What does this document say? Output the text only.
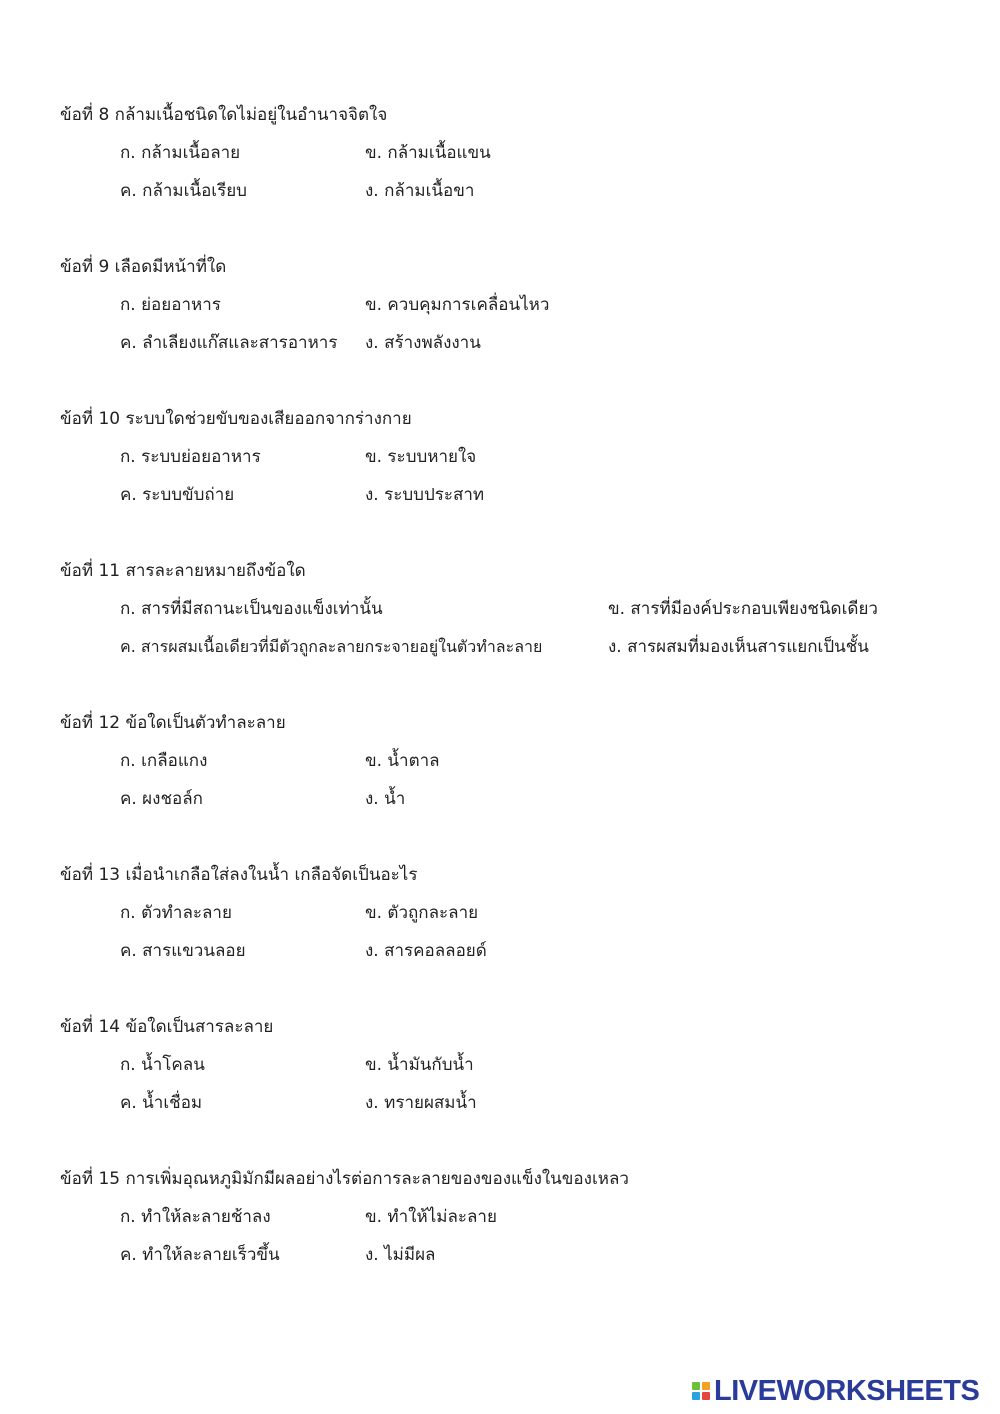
ข้อที่ 8 กล้ามเนื้อชนิดใดไม่อยู่ในอำนาจจิตใจ
ก. กล้ามเนื้อลาย	ข. กล้ามเนื้อแขน
ค. กล้ามเนื้อเรียบ	ง. กล้ามเนื้อขา
ข้อที่ 9 เลือดมีหน้าที่ใด
ก. ย่อยอาหาร	ข. ควบคุมการเคลื่อนไหว
ค. ลำเลียงแก๊สและสารอาหาร ง. สร้างพลังงาน
ข้อที่ 10 ระบบใดช่วยขับของเสียออกจากร่างกาย
ก. ระบบย่อยอาหาร	ข. ระบบหายใจ
ค. ระบบขับถ่าย	ง. ระบบประสาท
ข้อที่ 11 สารละลายหมายถึงข้อใด
ก. สารที่มีสถานะเป็นของแข็งเท่านั้น	ข. สารที่มีองค์ประกอบเพียงชนิดเดียว
ค. สารผสมเนื้อเดียวที่มีตัวถูกละลายกระจายอยู่ในตัวทำละลาย	ง. สารผสมที่มองเห็นสารแยกเป็นชั้น
ข้อที่ 12 ข้อใดเป็นตัวทำละลาย
ก. เกลือแกง	ข. น้ำตาล
ค. ผงชอล์ก	ง. น้ำ
ข้อที่ 13 เมื่อนำเกลือใส่ลงในน้ำ เกลือจัดเป็นอะไร
ก. ตัวทำละลาย	ข. ตัวถูกละลาย
ค. สารแขวนลอย	ง. สารคอลลอยด์
ข้อที่ 14 ข้อใดเป็นสารละลาย
ก. น้ำโคลน	ข. น้ำมันกับน้ำ
ค. น้ำเชื่อม	ง. ทรายผสมน้ำ
ข้อที่ 15 การเพิ่มอุณหภูมิมักมีผลอย่างไรต่อการละลายของของแข็งในของเหลว
ก. ทำให้ละลายช้าลง	ข. ทำให้ไม่ละลาย
ค. ทำให้ละลายเร็วขึ้น	ง. ไม่มีผล
LIVEWORKSHEETS
